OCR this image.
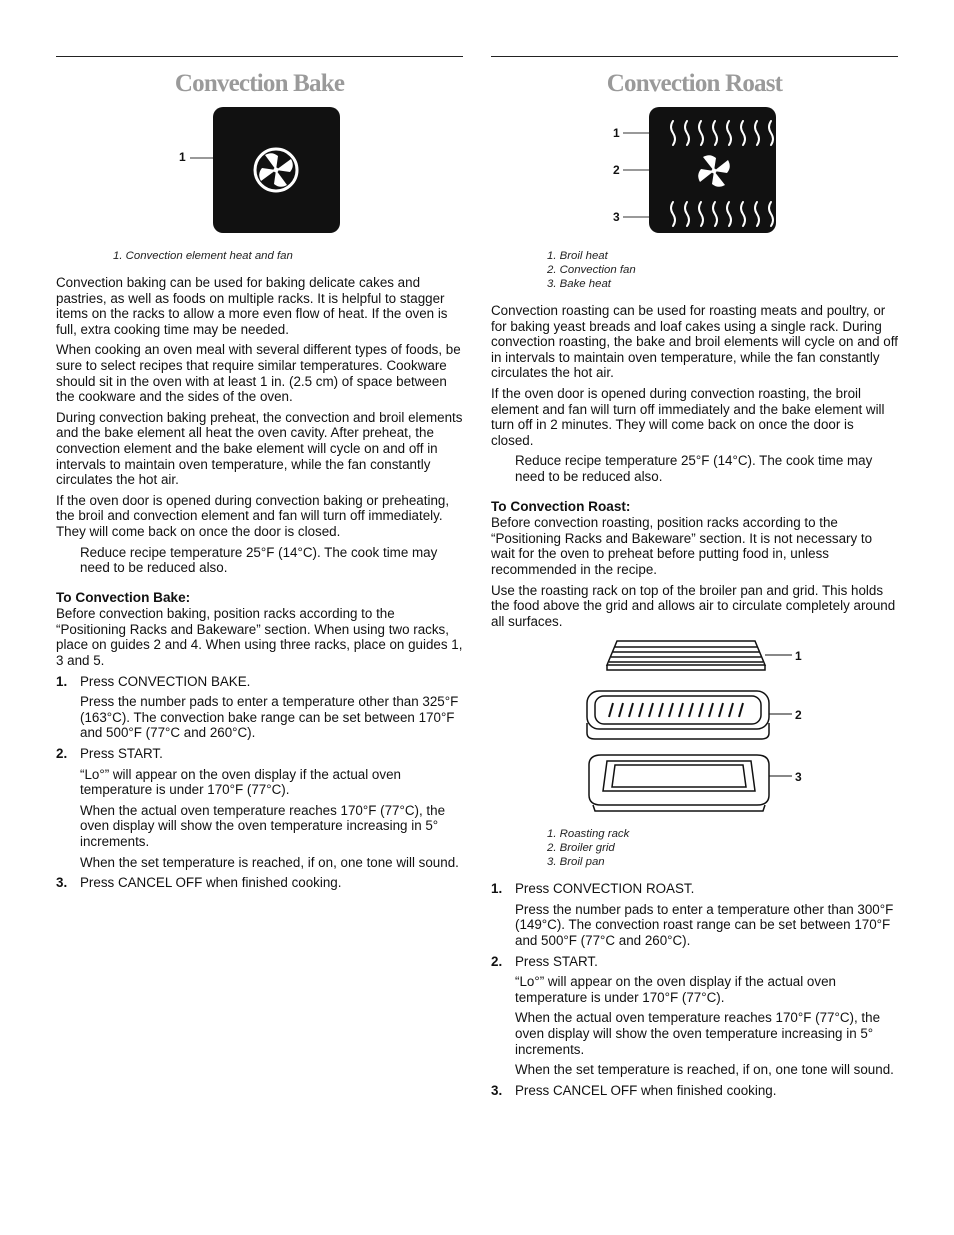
Convection Bake
1
1. Convection element heat and fan

Convection baking can be used for baking delicate cakes and pastries, as well as foods on multiple racks. It is helpful to stagger items on the racks to allow a more even flow of heat. If the oven is full, extra cooking time may be needed.

When cooking an oven meal with several different types of foods, be sure to select recipes that require similar temperatures. Cookware should sit in the oven with at least 1 in. (2.5 cm) of space between the cookware and the sides of the oven.

During convection baking preheat, the convection and broil elements and the bake element all heat the oven cavity. After preheat, the convection element and the bake element will cycle on and off in intervals to maintain oven temperature, while the fan constantly circulates the hot air.

If the oven door is opened during convection baking or preheating, the broil and convection element and fan will turn off immediately. They will come back on once the door is closed.

Reduce recipe temperature 25°F (14°C). The cook time may need to be reduced also.

To Convection Bake:

Before convection baking, position racks according to the “Positioning Racks and Bakeware” section. When using two racks, place on guides 2 and 4. When using three racks, place on guides 1, 3 and 5.

1. Press CONVECTION BAKE.

Press the number pads to enter a temperature other than 325°F (163°C). The convection bake range can be set between 170°F and 500°F (77°C and 260°C).

2. Press START.

“Lo°” will appear on the oven display if the actual oven temperature is under 170°F (77°C).

When the actual oven temperature reaches 170°F (77°C), the oven display will show the oven temperature increasing in 5° increments.

When the set temperature is reached, if on, one tone will sound.

3. Press CANCEL OFF when finished cooking.

Convection Roast
1
2
3
1. Broil heat
2. Convection fan
3. Bake heat

Convection roasting can be used for roasting meats and poultry, or for baking yeast breads and loaf cakes using a single rack. During convection roasting, the bake and broil elements will cycle on and off in intervals to maintain oven temperature, while the fan constantly circulates the hot air.

If the oven door is opened during convection roasting, the broil element and fan will turn off immediately and the bake element will turn off in 2 minutes. They will come back on once the door is closed.

Reduce recipe temperature 25°F (14°C). The cook time may need to be reduced also.

To Convection Roast:

Before convection roasting, position racks according to the “Positioning Racks and Bakeware” section. It is not necessary to wait for the oven to preheat before putting food in, unless recommended in the recipe.

Use the roasting rack on top of the broiler pan and grid. This holds the food above the grid and allows air to circulate completely around all surfaces.

1
2
3
1. Roasting rack
2. Broiler grid
3. Broil pan
1. Press CONVECTION ROAST.

Press the number pads to enter a temperature other than 300°F (149°C). The convection roast range can be set between 170°F and 500°F (77°C and 260°C).

2. Press START.

“Lo°” will appear on the oven display if the actual oven temperature is under 170°F (77°C).

When the actual oven temperature reaches 170°F (77°C), the oven display will show the oven temperature increasing in 5° increments.

When the set temperature is reached, if on, one tone will sound.

3. Press CANCEL OFF when finished cooking.
